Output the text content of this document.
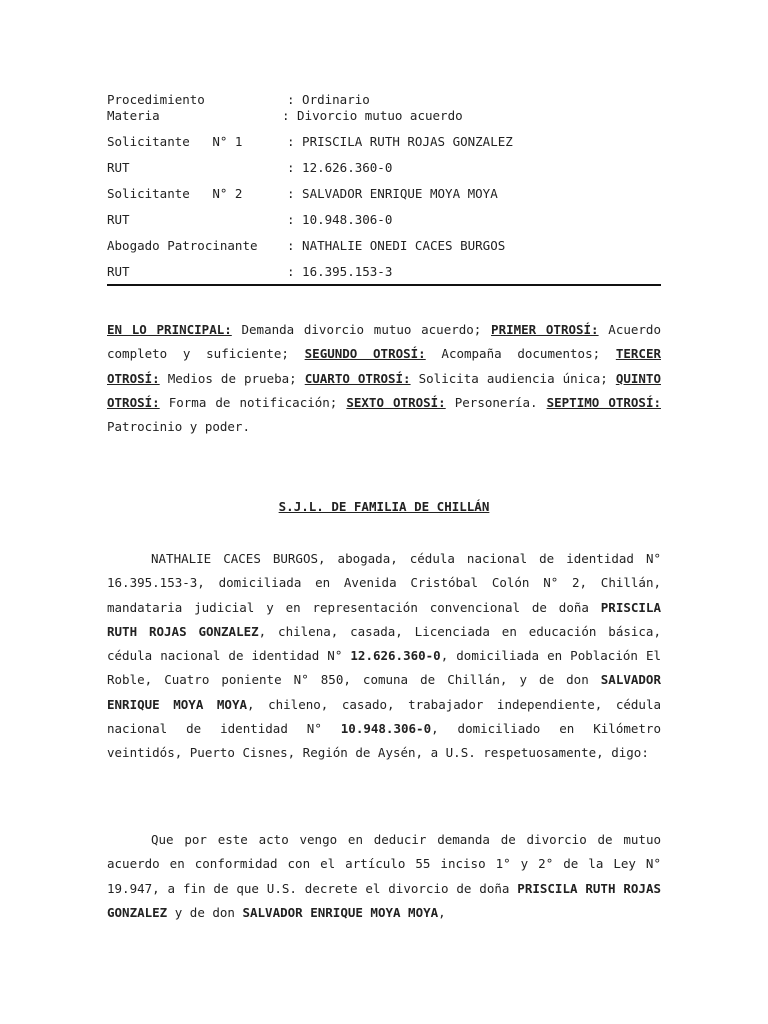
Procedimiento

	: Ordinario

Materia

	: Divorcio mutuo acuerdo

Solicitante   N° 1

	: PRISCILA RUTH ROJAS GONZALEZ

RUT

	: 12.626.360-0

Solicitante   N° 2

	: SALVADOR ENRIQUE MOYA MOYA

RUT

	: 10.948.306-0

Abogado Patrocinante

: NATHALIE ONEDI CACES BURGOS

RUT

	: 16.395.153-3

EN LO PRINCIPAL: Demanda divorcio mutuo acuerdo; PRIMER OTROSÍ: Acuerdo completo y suficiente; SEGUNDO OTROSÍ: Acompaña documentos; TERCER OTROSÍ: Medios de prueba; CUARTO OTROSÍ: Solicita audiencia única; QUINTO OTROSÍ: Forma de notificación; SEXTO OTROSÍ: Personería. SEPTIMO OTROSÍ: Patrocinio y poder.

S.J.L. DE FAMILIA DE CHILLÁN

NATHALIE CACES BURGOS, abogada, cédula nacional de identidad N° 16.395.153-3, domiciliada en Avenida Cristóbal Colón N° 2, Chillán, mandataria judicial y en representación convencional de doña PRISCILA RUTH ROJAS GONZALEZ, chilena, casada, Licenciada en educación básica, cédula nacional de identidad N° 12.626.360-0, domiciliada en Población El Roble, Cuatro poniente N° 850, comuna de Chillán, y de don SALVADOR ENRIQUE MOYA MOYA, chileno, casado, trabajador independiente, cédula nacional de identidad N° 10.948.306-0, domiciliado en Kilómetro veintidós, Puerto Cisnes, Región de Aysén, a U.S. respetuosamente, digo:

Que por este acto vengo en deducir demanda de divorcio de mutuo acuerdo en conformidad con el artículo 55 inciso 1° y 2° de la Ley N° 19.947, a fin de que U.S. decrete el divorcio de doña PRISCILA RUTH ROJAS GONZALEZ y de don SALVADOR ENRIQUE MOYA MOYA,
